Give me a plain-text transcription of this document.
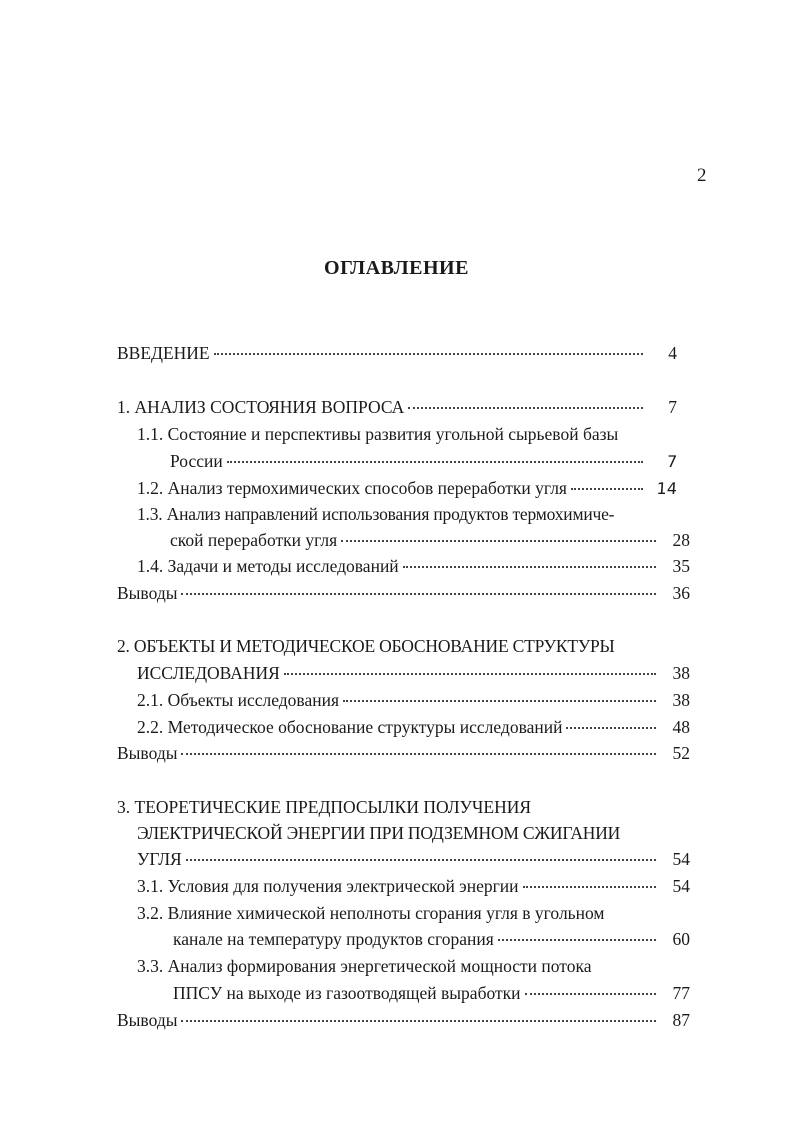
2
ОГЛАВЛЕНИЕ
ВВЕДЕНИЕ	4
1. АНАЛИЗ СОСТОЯНИЯ ВОПРОСА	7
1.1. Состояние и перспективы развития угольной сырьевой базы
России	7
1.2. Анализ термохимических способов переработки угля	14
1.3. Анализ направлений использования продуктов термохимиче-
ской переработки угля	28
1.4. Задачи и методы исследований	35
Выводы	36
2. ОБЪЕКТЫ И МЕТОДИЧЕСКОЕ ОБОСНОВАНИЕ СТРУКТУРЫ
ИССЛЕДОВАНИЯ	38
2.1. Объекты исследования	38
2.2. Методическое обоснование структуры исследований	48
Выводы	52
3. ТЕОРЕТИЧЕСКИЕ ПРЕДПОСЫЛКИ ПОЛУЧЕНИЯ
ЭЛЕКТРИЧЕСКОЙ ЭНЕРГИИ ПРИ ПОДЗЕМНОМ СЖИГАНИИ
УГЛЯ	54
3.1. Условия для получения электрической энергии	54
3.2. Влияние химической неполноты сгорания угля в угольном
канале на температуру продуктов сгорания	60
3.3. Анализ формирования энергетической мощности потока
ППСУ на выходе из газоотводящей выработки	77
Выводы	87
